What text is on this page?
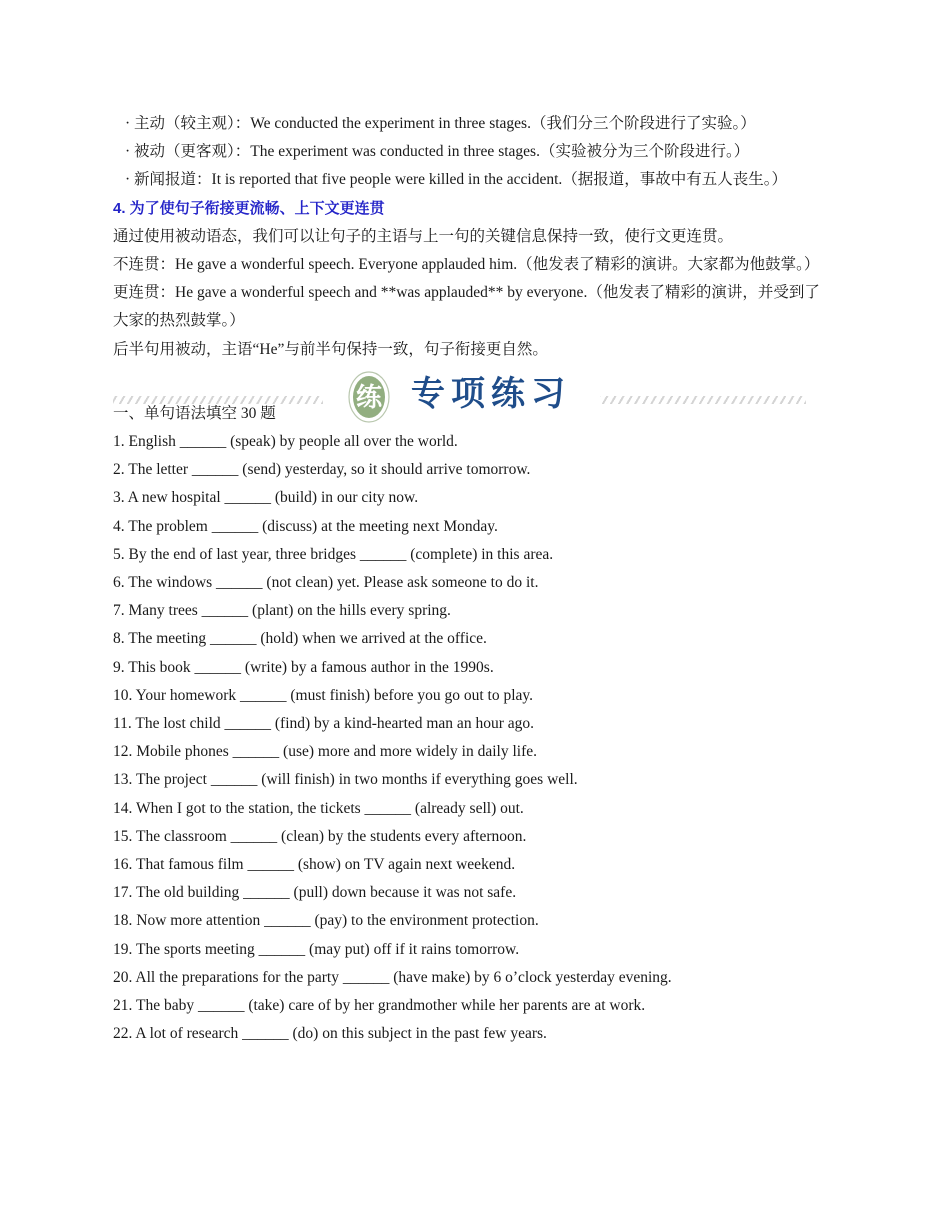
· 主动（较主观）：We conducted the experiment in three stages.（我们分三个阶段进行了实验。）
· 被动（更客观）：The experiment was conducted in three stages.（实验被分为三个阶段进行。）
· 新闻报道：It is reported that five people were killed in the accident.（据报道，事故中有五人丧生。）
4. 为了使句子衔接更流畅、上下文更连贯
通过使用被动语态，我们可以让句子的主语与上一句的关键信息保持一致，使行文更连贯。
不连贯：He gave a wonderful speech. Everyone applauded him.（他发表了精彩的演讲。大家都为他鼓掌。）
更连贯：He gave a wonderful speech and **was applauded** by everyone.（他发表了精彩的演讲，并受到了大家的热烈鼓掌。）
后半句用被动，主语“He”与前半句保持一致，句子衔接更自然。
练 专项练习
一、单句语法填空 30 题
1. English ______ (speak) by people all over the world.
2. The letter ______ (send) yesterday, so it should arrive tomorrow.
3. A new hospital ______ (build) in our city now.
4. The problem ______ (discuss) at the meeting next Monday.
5. By the end of last year, three bridges ______ (complete) in this area.
6. The windows ______ (not clean) yet. Please ask someone to do it.
7. Many trees ______ (plant) on the hills every spring.
8. The meeting ______ (hold) when we arrived at the office.
9. This book ______ (write) by a famous author in the 1990s.
10. Your homework ______ (must finish) before you go out to play.
11. The lost child ______ (find) by a kind-hearted man an hour ago.
12. Mobile phones ______ (use) more and more widely in daily life.
13. The project ______ (will finish) in two months if everything goes well.
14. When I got to the station, the tickets ______ (already sell) out.
15. The classroom ______ (clean) by the students every afternoon.
16. That famous film ______ (show) on TV again next weekend.
17. The old building ______ (pull) down because it was not safe.
18. Now more attention ______ (pay) to the environment protection.
19. The sports meeting ______ (may put) off if it rains tomorrow.
20. All the preparations for the party ______ (have make) by 6 o’clock yesterday evening.
21. The baby ______ (take) care of by her grandmother while her parents are at work.
22. A lot of research ______ (do) on this subject in the past few years.
